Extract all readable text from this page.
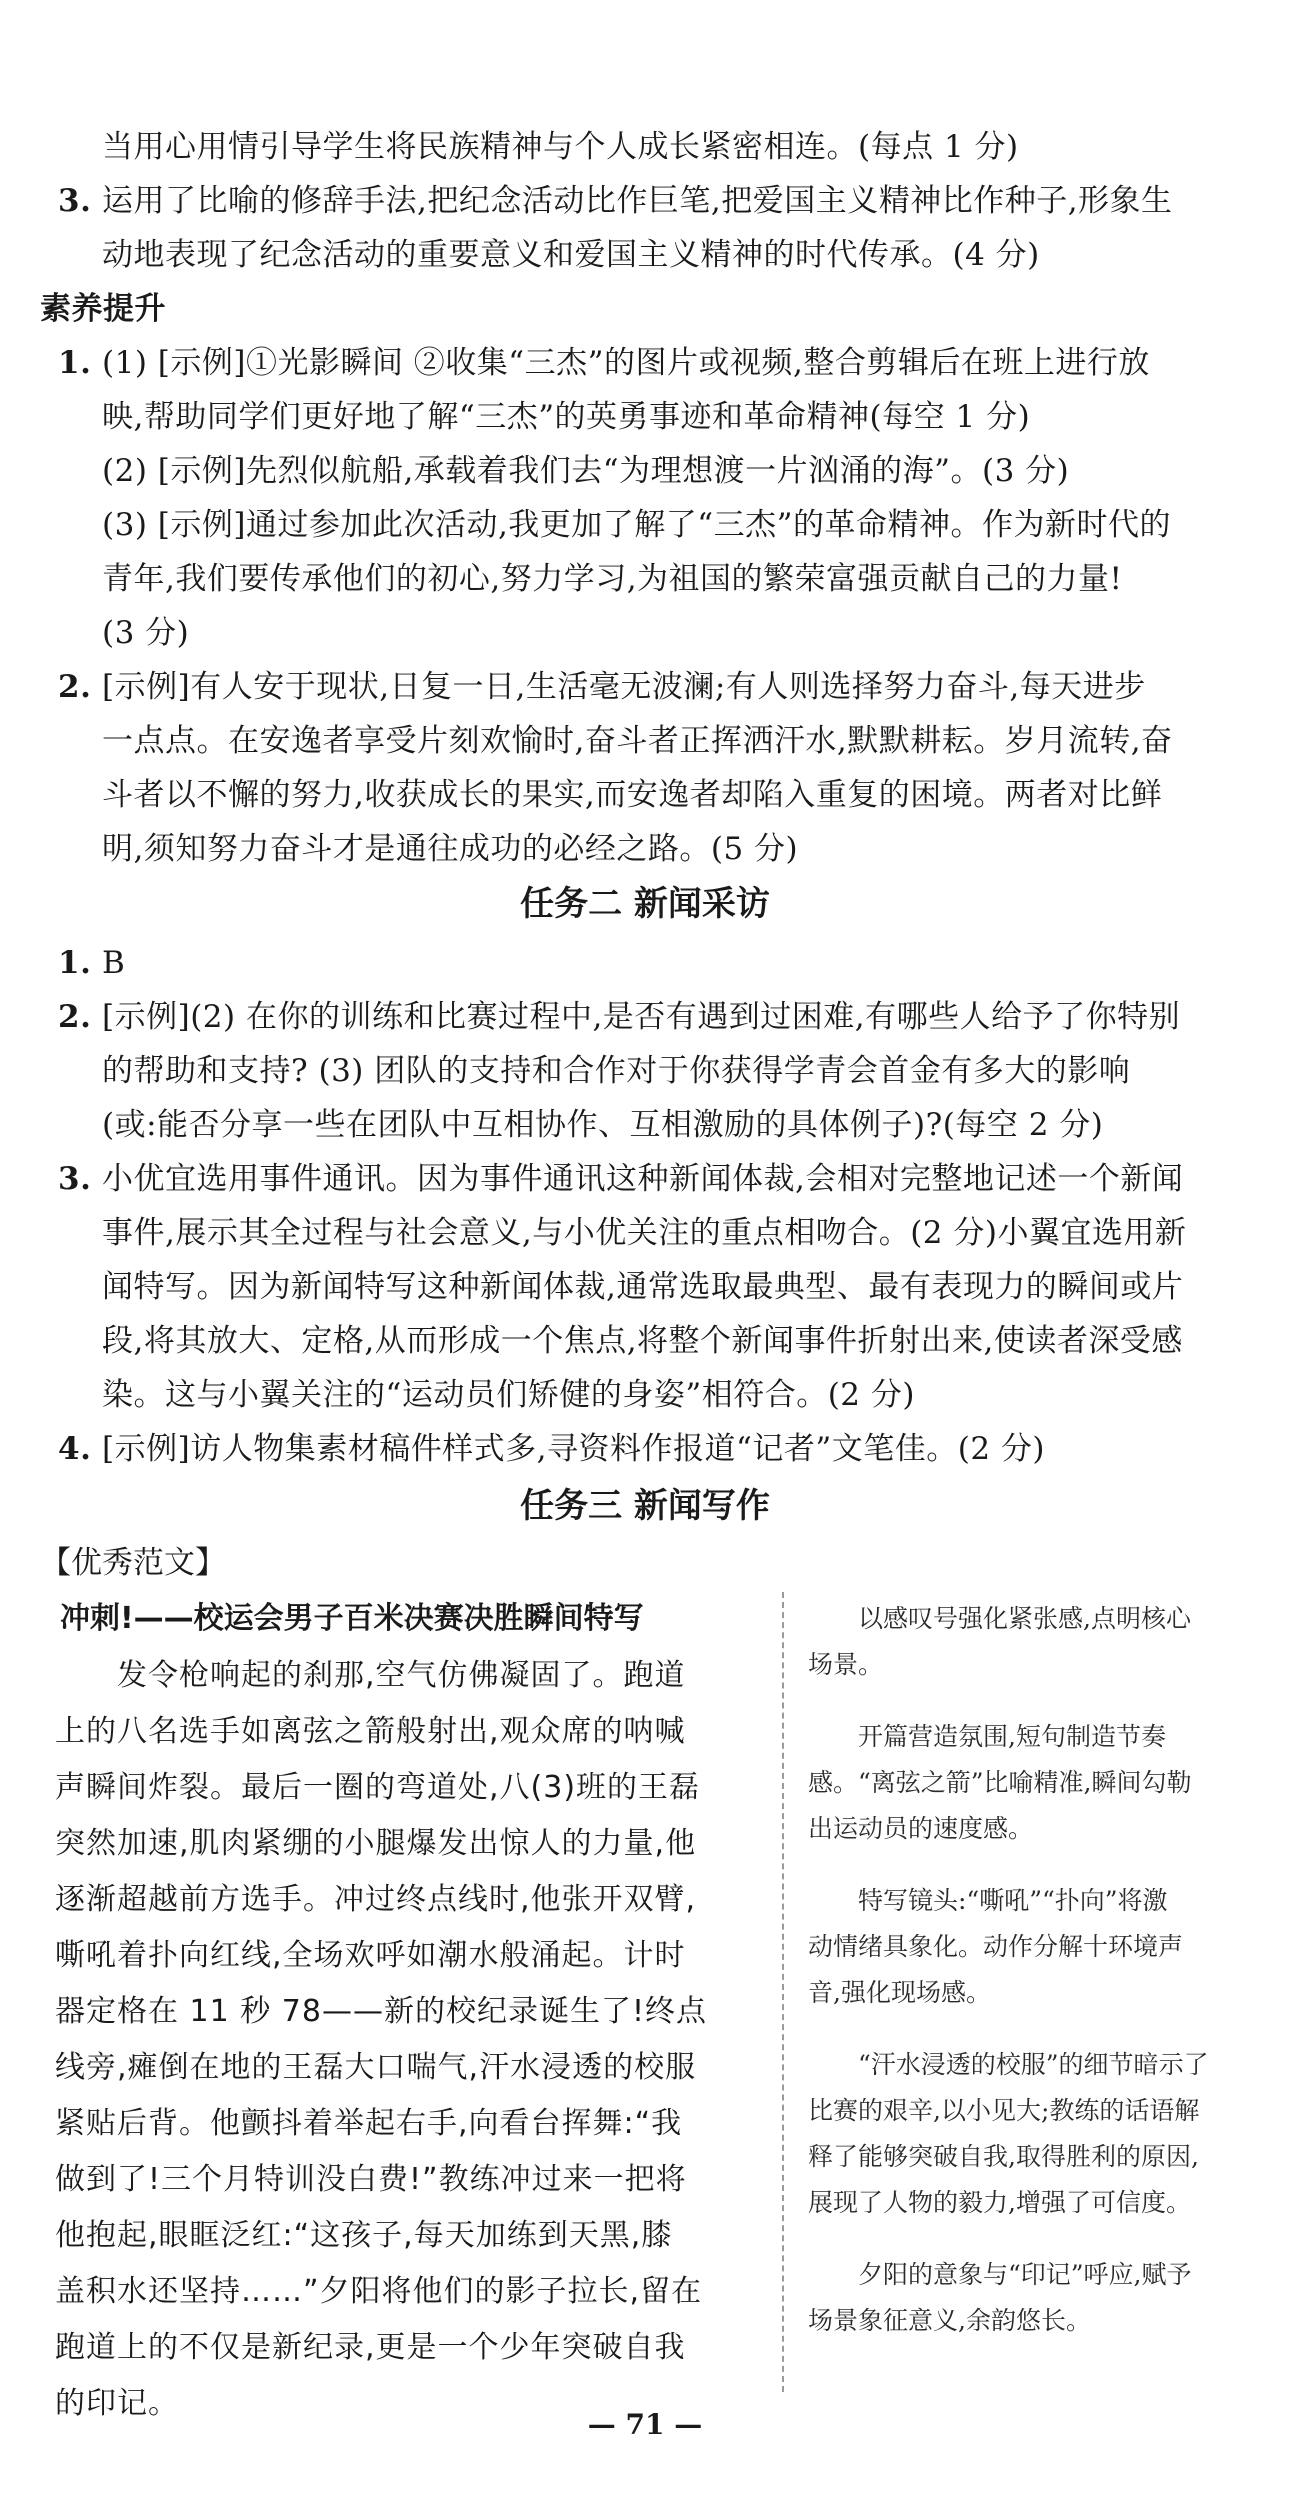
当用心用情引导学生将民族精神与个人成长紧密相连。(每点 1 分)
3. 运用了比喻的修辞手法,把纪念活动比作巨笔,把爱国主义精神比作种子,形象生
动地表现了纪念活动的重要意义和爱国主义精神的时代传承。(4 分)
素养提升
1. (1) [示例]①光影瞬间 ②收集“三杰”的图片或视频,整合剪辑后在班上进行放
映,帮助同学们更好地了解“三杰”的英勇事迹和革命精神(每空 1 分)
(2) [示例]先烈似航船,承载着我们去“为理想渡一片汹涌的海”。(3 分)
(3) [示例]通过参加此次活动,我更加了解了“三杰”的革命精神。作为新时代的
青年,我们要传承他们的初心,努力学习,为祖国的繁荣富强贡献自己的力量!
(3 分)
2. [示例]有人安于现状,日复一日,生活毫无波澜;有人则选择努力奋斗,每天进步
一点点。在安逸者享受片刻欢愉时,奋斗者正挥洒汗水,默默耕耘。岁月流转,奋
斗者以不懈的努力,收获成长的果实,而安逸者却陷入重复的困境。两者对比鲜
明,须知努力奋斗才是通往成功的必经之路。(5 分)
任务二 新闻采访
1. B
2. [示例](2) 在你的训练和比赛过程中,是否有遇到过困难,有哪些人给予了你特别
的帮助和支持? (3) 团队的支持和合作对于你获得学青会首金有多大的影响
(或:能否分享一些在团队中互相协作、互相激励的具体例子)?(每空 2 分)
3. 小优宜选用事件通讯。因为事件通讯这种新闻体裁,会相对完整地记述一个新闻
事件,展示其全过程与社会意义,与小优关注的重点相吻合。(2 分)小翼宜选用新
闻特写。因为新闻特写这种新闻体裁,通常选取最典型、最有表现力的瞬间或片
段,将其放大、定格,从而形成一个焦点,将整个新闻事件折射出来,使读者深受感
染。这与小翼关注的“运动员们矫健的身姿”相符合。(2 分)
4. [示例]访人物集素材稿件样式多,寻资料作报道“记者”文笔佳。(2 分)
任务三 新闻写作
【优秀范文】
冲刺!——校运会男子百米决赛决胜瞬间特写

发令枪响起的刹那,空气仿佛凝固了。跑道

上的八名选手如离弦之箭般射出,观众席的呐喊

声瞬间炸裂。最后一圈的弯道处,八(3)班的王磊

突然加速,肌肉紧绷的小腿爆发出惊人的力量,他

逐渐超越前方选手。冲过终点线时,他张开双臂,

嘶吼着扑向红线,全场欢呼如潮水般涌起。计时

器定格在 11 秒 78——新的校纪录诞生了!终点

线旁,瘫倒在地的王磊大口喘气,汗水浸透的校服

紧贴后背。他颤抖着举起右手,向看台挥舞:“我

做到了!三个月特训没白费!”教练冲过来一把将

他抱起,眼眶泛红:“这孩子,每天加练到天黑,膝

盖积水还坚持……”夕阳将他们的影子拉长,留在

跑道上的不仅是新纪录,更是一个少年突破自我

的印记。

以感叹号强化紧张感,点明核心

场景。

开篇营造氛围,短句制造节奏

感。“离弦之箭”比喻精准,瞬间勾勒

出运动员的速度感。

特写镜头:“嘶吼”“扑向”将激

动情绪具象化。动作分解十环境声

音,强化现场感。

“汗水浸透的校服”的细节暗示了

比赛的艰辛,以小见大;教练的话语解

释了能够突破自我,取得胜利的原因,

展现了人物的毅力,增强了可信度。

夕阳的意象与“印记”呼应,赋予

场景象征意义,余韵悠长。

— 71 —
